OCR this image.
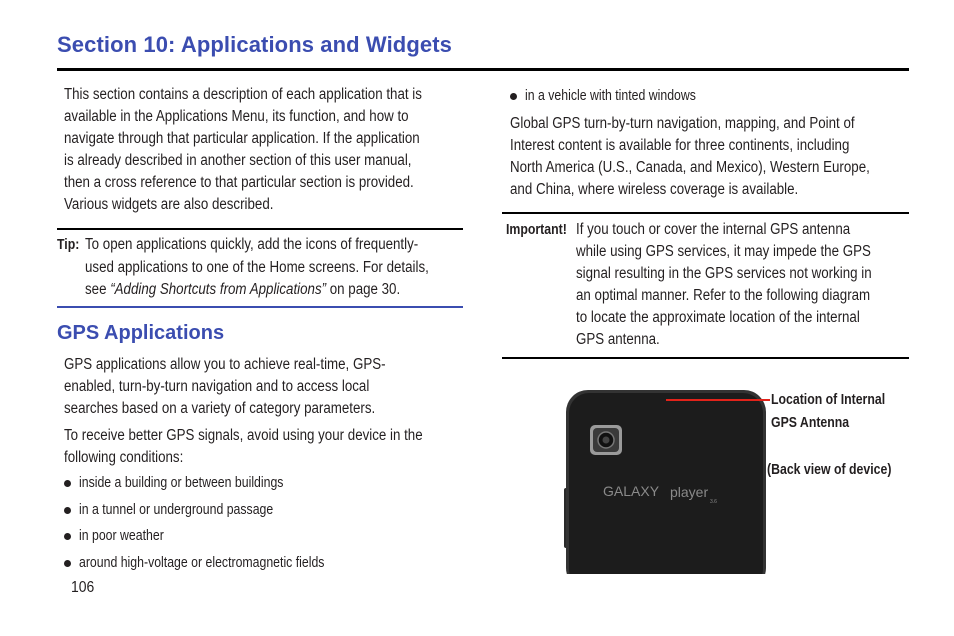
Section 10: Applications and Widgets
This section contains a description of each application that is
available in the Applications Menu, its function, and how to
navigate through that particular application. If the application
is already described in another section of this user manual,
then a cross reference to that particular section is provided.
Various widgets are also described.
Tip: To open applications quickly, add the icons of frequently-
used applications to one of the Home screens. For details,
see “Adding Shortcuts from Applications” on page 30.
GPS Applications
GPS applications allow you to achieve real-time, GPS-
enabled, turn-by-turn navigation and to access local
searches based on a variety of category parameters.
To receive better GPS signals, avoid using your device in the
following conditions:
inside a building or between buildings
in a tunnel or underground passage
in poor weather
around high-voltage or electromagnetic fields
106
in a vehicle with tinted windows
Global GPS turn-by-turn navigation, mapping, and Point of
Interest content is available for three continents, including
North America (U.S., Canada, and Mexico), Western Europe,
and China, where wireless coverage is available.
Important! If you touch or cover the internal GPS antenna
while using GPS services, it may impede the GPS
signal resulting in the GPS services not working in
an optimal manner. Refer to the following diagram
to locate the approximate location of the internal
GPS antenna.
GALAXY player
3.6
Location of Internal
GPS Antenna
(Back view of device)
